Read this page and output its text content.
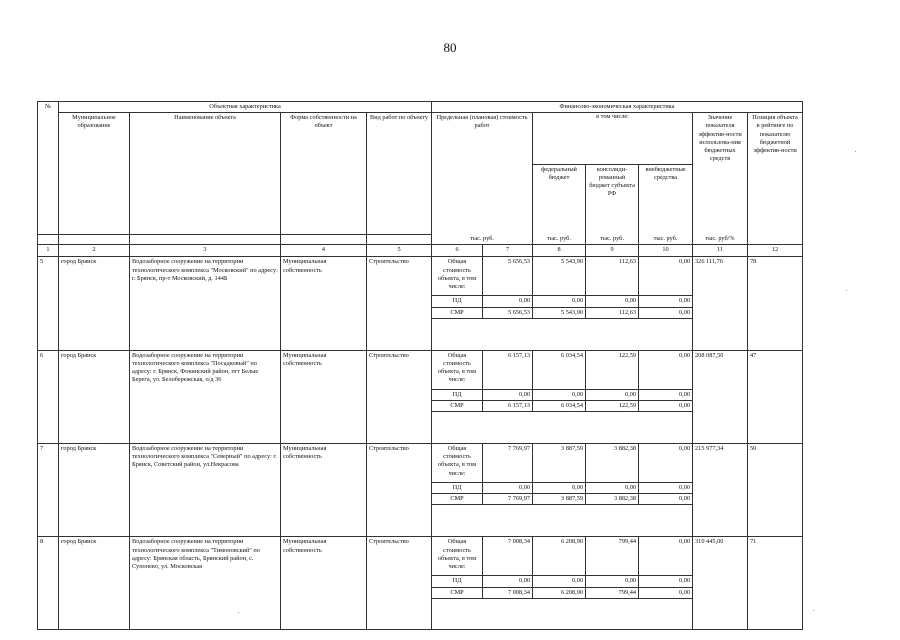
80
№	Объектная характеристика				Финансово-экономическая характеристика						
	Муниципальное образование	Наименование объекта	Форма собственности на объект	Вид работ по объекту	Предельная (плановая) стоимость работ		в том числе:			Значение показателя эффектив-ности использова-ния бюджетных средств	Позиция объекта в рейтинге по показателю бюджетной эффектив-ности
							федеральный бюджет	консолиди-рованный бюджет субъекта РФ	внебюджетные средства		
					тыс. руб.		тыс. руб.	тыс. руб.	тыс. руб.	тыс. руб/%	
1	2	3	4	5	6	7	8	9	10	11	12
5	город Брянск	Водозаборное сооружение на территории технологического комплекса "Московский" по адресу: г. Брянск, пр-т Московский, д. 144Б	Муниципальная собственность	Строительство	Общая стоимость объекта, в том числе:	5 656,53	5 543,90	112,63	0,00	326 111,76	78
					ПД	0,00	0,00	0,00	0,00		
					СМР	5 656,53	5 543,90	112,63	0,00		

6	город Брянск	Водозаборное сооружение на территории технологического комплекса "Посадковый" по адресу: г. Брянск, Фокинский район, пгт Белые Берега, ул. Белобережская, о/д 36	Муниципальная собственность	Строительство	Общая стоимость объекта, в том числе:	6 157,13	6 034,54	122,59	0,00	208 087,50	47
					ПД	0,00	0,00	0,00	0,00		
					СМР	6 157,13	6 034,54	122,59	0,00		

7	город Брянск	Водозаборное сооружение на территории технологического комплекса "Северный" по адресу: г. Брянск, Советский район, ул.Некрасова	Муниципальная собственность	Строительство	Общая стоимость объекта, в том числе:	7 769,97	3 887,59	3 882,38	0,00	215 977,34	50
					ПД	0,00	0,00	0,00	0,00		
					СМР	7 769,97	3 887,59	3 882,38	0,00		

8	город Брянск	Водозаборное сооружение на территории технологического комплекса "Тимоновский" по адресу: Брянская область, Брянский район, с. Супонево, ул. Московская	Муниципальная собственность	Строительство	Общая стоимость объекта, в том числе:	7 008,34	6 208,90	799,44	0,00	310 445,00	71
					ПД	0,00	0,00	0,00	0,00		
					СМР	7 008,34	6 208,90	799,44	0,00		
